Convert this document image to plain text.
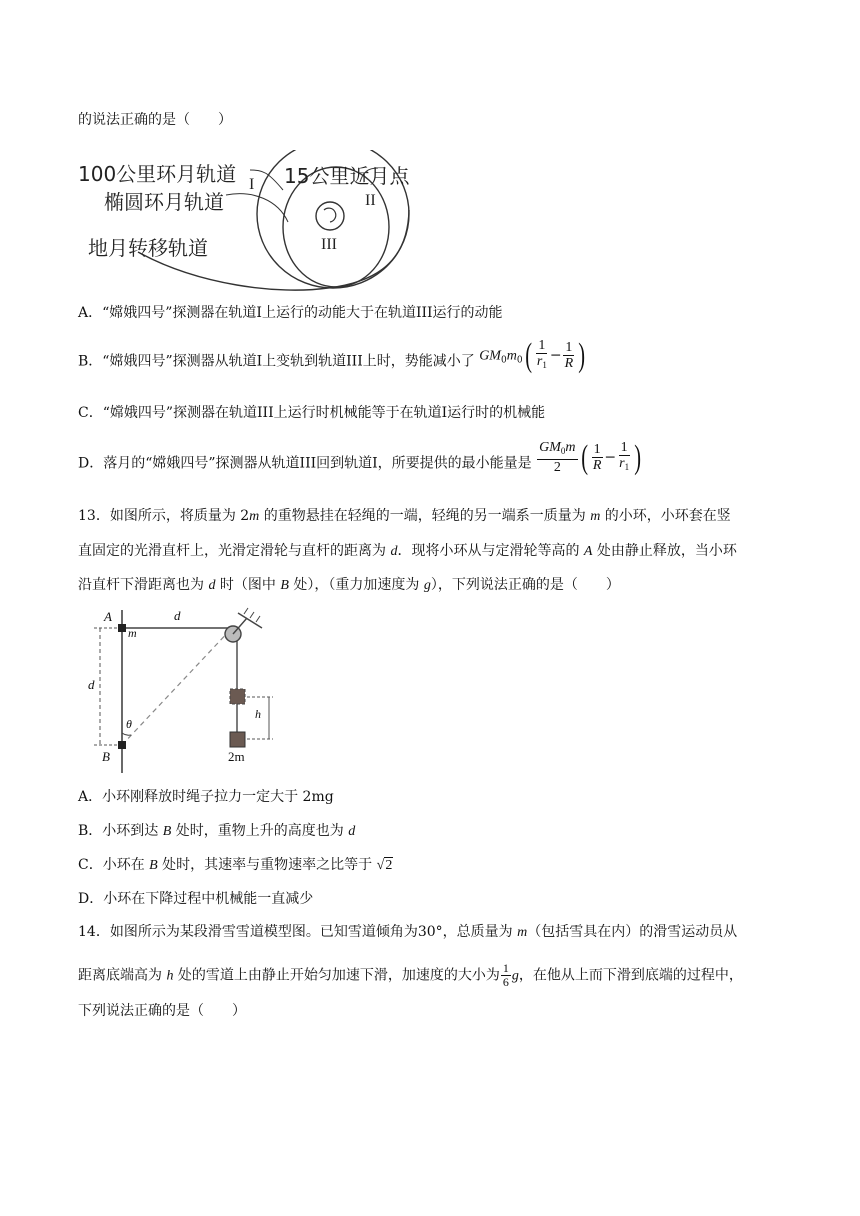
的说法正确的是（　　）
100公里环月轨道 15公里近月点
椭圆环月轨道
地月转移轨道
I
II
III
A．“嫦娥四号”探测器在轨道I上运行的动能大于在轨道III运行的动能
B．“嫦娥四号”探测器从轨道I上变轨到轨道III上时，势能减小了 $GM_0m_0( \frac{1}{r_1} - \frac{1}{R}$ )
C．“嫦娥四号”探测器在轨道III上运行时机械能等于在轨道I运行时的机械能
D．落月的“嫦娥四号”探测器从轨道III回到轨道I，所要提供的最小能量是 $\frac{GM_0m}{2}$ ( $\frac{1}{R} - \frac{1}{r_1}$ )
13．如图所示，将质量为 2m 的重物悬挂在轻绳的一端，轻绳的另一端系一质量为 m 的小环，小环套在竖
直固定的光滑直杆上，光滑定滑轮与直杆的距离为 d．现将小环从与定滑轮等高的 A 处由静止释放，当小环
沿直杆下滑距离也为 d 时（图中 B 处），（重力加速度为 g），下列说法正确的是（　　）
A
m
d
d
θ
B
h
2m
A．小环刚释放时绳子拉力一定大于 2mg
B．小环到达 B 处时，重物上升的高度也为 d
C．小环在 B 处时，其速率与重物速率之比等于 √2
D．小环在下降过程中机械能一直减少
14．如图所示为某段滑雪雪道模型图。已知雪道倾角为30°，总质量为 m（包括雪具在内）的滑雪运动员从
距离底端高为 h 处的雪道上由静止开始匀加速下滑，加速度的大小为 $\frac{1}{6}$ g，在他从上而下滑到底端的过程中，
下列说法正确的是（　　）
